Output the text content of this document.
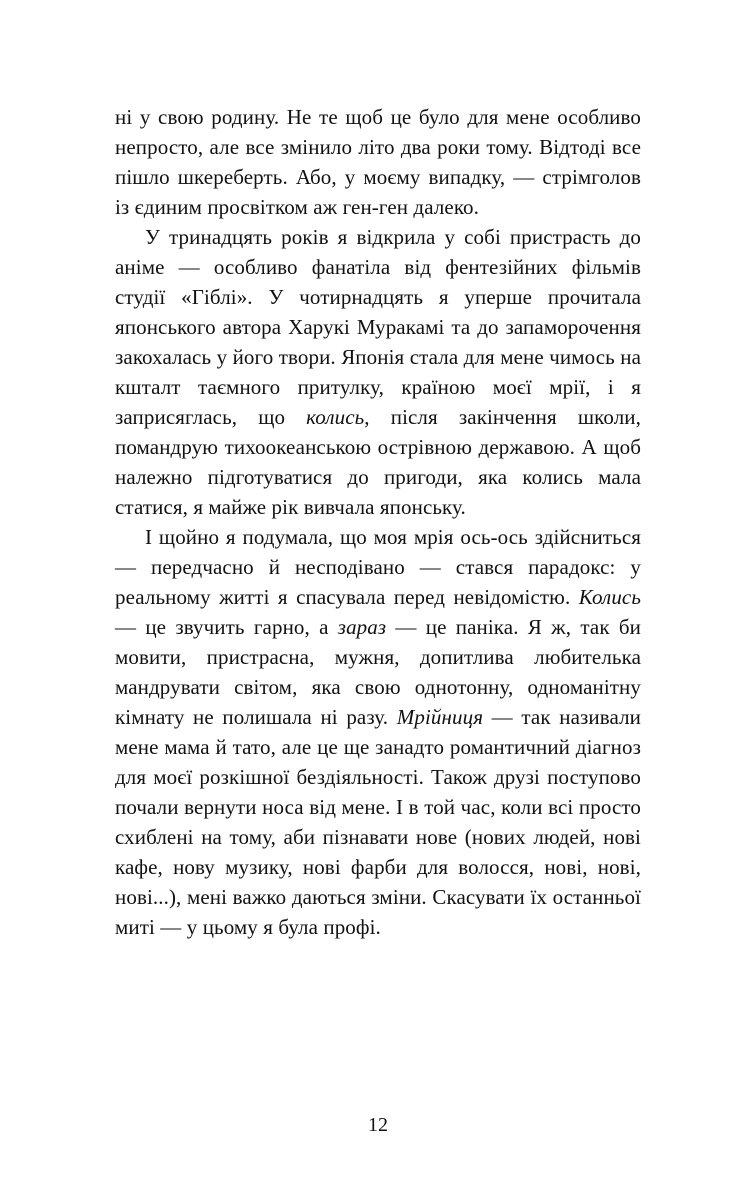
ні у свою родину. Не те щоб це було для мене особливо непросто, але все змінило літо два роки тому. Відтоді все пішло шкереберть. Або, у моєму випадку, — стрімголов із єдиним просвітком аж ген-ген далеко.

У тринадцять років я відкрила у собі пристрасть до аніме — особливо фанатіла від фентезійних фільмів студії «Гіблі». У чотирнадцять я уперше прочитала японського автора Харукі Муракамі та до запаморочення закохалась у його твори. Японія стала для мене чимось на кшталт таємного притулку, країною моєї мрії, і я заприсяглась, що колись, після закінчення школи, помандрую тихоокеанською острівною державою. А щоб належно підготуватися до пригоди, яка колись мала статися, я майже рік вивчала японську.

І щойно я подумала, що моя мрія ось-ось здійсниться — передчасно й несподівано — стався парадокс: у реальному житті я спасувала перед невідомістю. Колись — це звучить гарно, а зараз — це паніка. Я ж, так би мовити, пристрасна, мужня, допитлива любителька мандрувати світом, яка свою однотонну, одноманітну кімнату не полишала ні разу. Мрійниця — так називали мене мама й тато, але це ще занадто романтичний діагноз для моєї розкішної бездіяльності. Також друзі поступово почали вернути носа від мене. І в той час, коли всі просто схиблені на тому, аби пізнавати нове (нових людей, нові кафе, нову музику, нові фарби для волосся, нові, нові, нові...), мені важко даються зміни. Скасувати їх останньої миті — у цьому я була профі.

12
